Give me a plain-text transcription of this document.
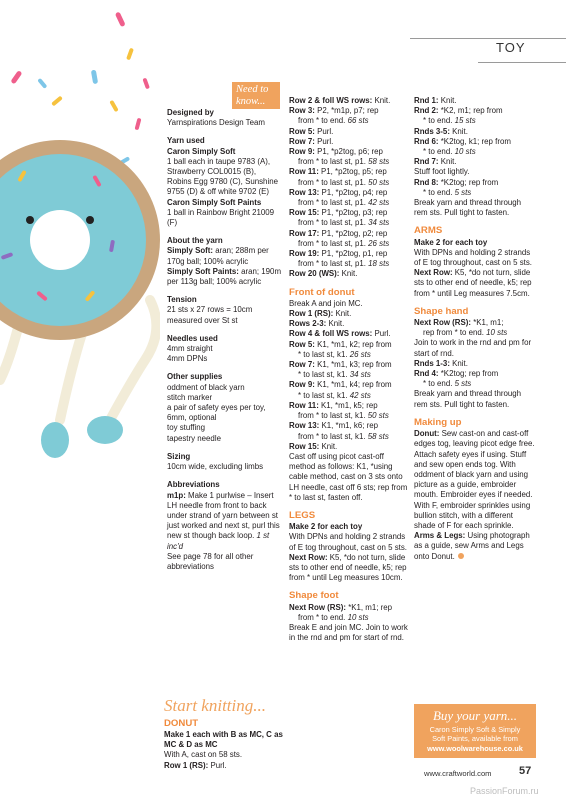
TOY
Need to
know...
Designed by
Yarnspirations Design Team
Yarn used
Caron Simply Soft
1 ball each in taupe 9783 (A), Strawberry COL0015 (B), Robins Egg 9780 (C), Sunshine 9755 (D) & off white 9702 (E)
Caron Simply Soft Paints
1 ball in Rainbow Bright 21009 (F)
About the yarn
Simply Soft: aran; 288m per 170g ball; 100% acrylic
Simply Soft Paints: aran; 190m per 113g ball; 100% acrylic
Tension
21 sts x 27 rows = 10cm measured over St st
Needles used
4mm straight
4mm DPNs
Other supplies
oddment of black yarn
stitch marker
a pair of safety eyes per toy, 6mm, optional
toy stuffing
tapestry needle
Sizing
10cm wide, excluding limbs
Abbreviations
m1p: Make 1 purlwise – Insert LH needle from front to back under strand of yarn between st just worked and next st, purl this new st though back loop. 1 st inc'd
See page 78 for all other abbreviations
Start knitting...
DONUT
Make 1 each with B as MC, C as MC & D as MC
With A, cast on 58 sts.
Row 1 (RS): Purl.
Row 2 & foll WS rows: Knit.
Row 3: P2, *m1p, p7; rep
from * to end. 66 sts
Row 5: Purl.
Row 7: Purl.
Row 9: P1, *p2tog, p6; rep
from * to last st, p1. 58 sts
Row 11: P1, *p2tog, p5; rep
from * to last st, p1. 50 sts
Row 13: P1, *p2tog, p4; rep
from * to last st, p1. 42 sts
Row 15: P1, *p2tog, p3; rep
from * to last st, p1. 34 sts
Row 17: P1, *p2tog, p2; rep
from * to last st, p1. 26 sts
Row 19: P1, *p2tog, p1, rep
from * to last st, p1. 18 sts
Row 20 (WS): Knit.
Front of donut
Break A and join MC.
Row 1 (RS): Knit.
Rows 2-3: Knit.
Row 4 & foll WS rows: Purl.
Row 5: K1, *m1, k2; rep from
* to last st, k1. 26 sts
Row 7: K1, *m1, k3; rep from
* to last st, k1. 34 sts
Row 9: K1, *m1, k4; rep from
* to last st, k1. 42 sts
Row 11: K1, *m1, k5; rep
from * to last st, k1. 50 sts
Row 13: K1, *m1, k6; rep
from * to last st, k1. 58 sts
Row 15: Knit.
Cast off using picot cast-off method as follows: K1, *using cable method, cast on 3 sts onto LH needle, cast off 6 sts; rep from * to last st, fasten off.
LEGS
Make 2 for each toy
With DPNs and holding 2 strands of E tog throughout, cast on 5 sts.
Next Row: K5, *do not turn, slide sts to other end of needle, k5; rep from * until Leg measures 10cm.
Shape foot
Next Row (RS): *K1, m1; rep
from * to end. 10 sts
Break E and join MC. Join to work in the rnd and pm for start of rnd.
Rnd 1: Knit.
Rnd 2: *K2, m1; rep from
* to end. 15 sts
Rnds 3-5: Knit.
Rnd 6: *K2tog, k1; rep from
* to end. 10 sts
Rnd 7: Knit.
Stuff foot lightly.
Rnd 8: *K2tog; rep from
* to end. 5 sts
Break yarn and thread through rem sts. Pull tight to fasten.
ARMS
Make 2 for each toy
With DPNs and holding 2 strands of E tog throughout, cast on 5 sts.
Next Row: K5, *do not turn, slide sts to other end of needle, k5; rep from * until Leg measures 7.5cm.
Shape hand
Next Row (RS): *K1, m1;
rep from * to end. 10 sts
Join to work in the rnd and pm for start of rnd.
Rnds 1-3: Knit.
Rnd 4: *K2tog; rep from
* to end. 5 sts
Break yarn and thread through rem sts. Pull tight to fasten.
Making up
Donut: Sew cast-on and cast-off edges tog, leaving picot edge free. Attach safety eyes if using. Stuff and sew open ends tog. With oddment of black yarn and using picture as a guide, embroider mouth. Embroider eyes if needed. With F, embroider sprinkles using bullion stitch, with a different shade of F for each sprinkle.
Arms & Legs: Using photograph as a guide, sew Arms and Legs onto Donut.
Buy your yarn...
Caron Simply Soft & Simply
Soft Paints, available from
www.woolwarehouse.co.uk
www.craftworld.com 57
PassionForum.ru
